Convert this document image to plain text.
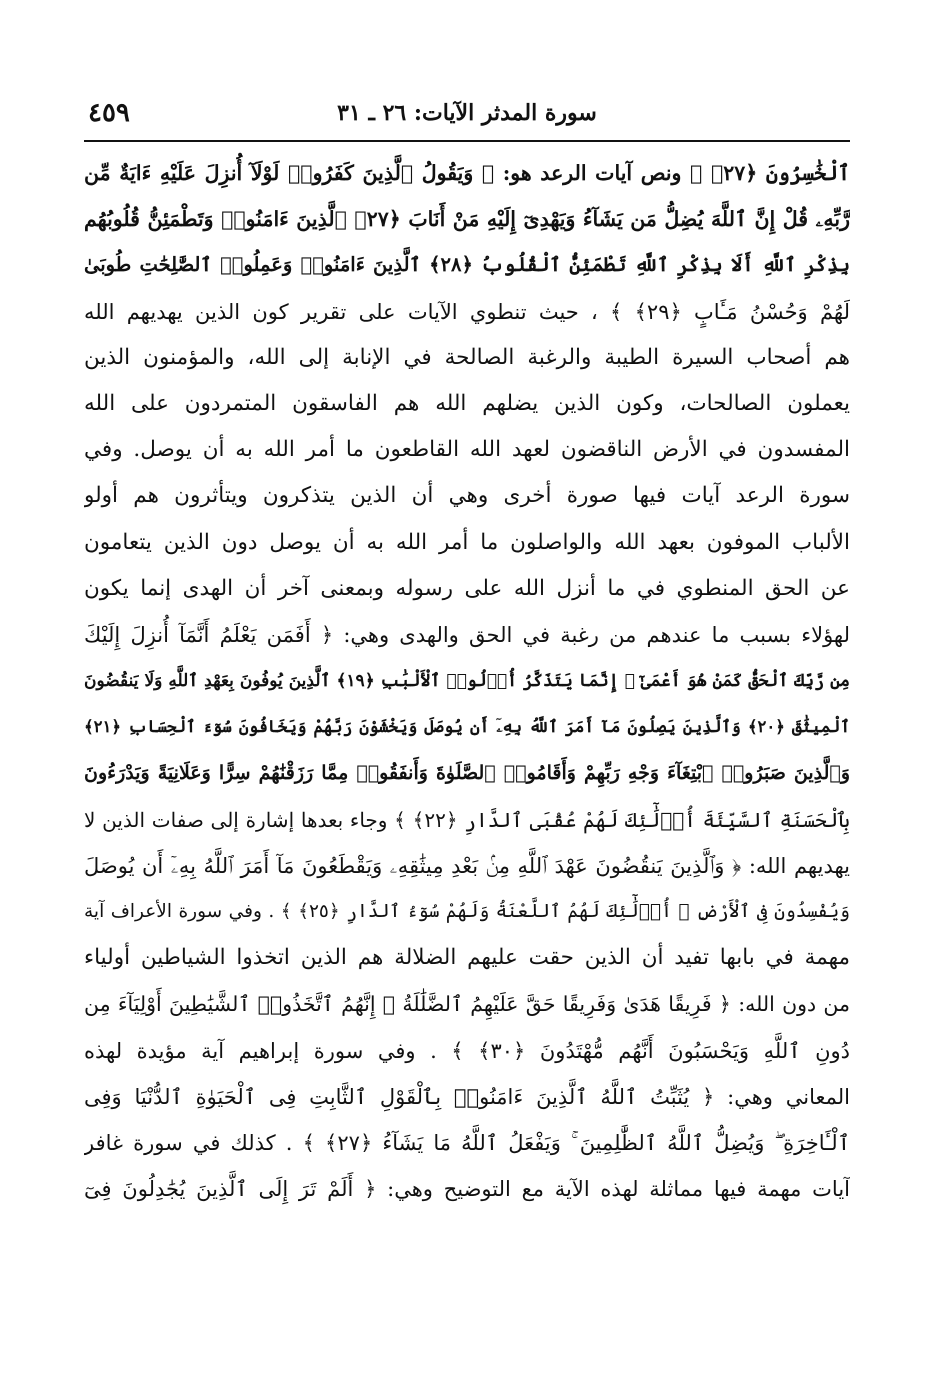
٤٥٩	سورة المدثر الآيات: ٢٦ ـ ٣١
ٱلْخَٰسِرُونَ ﴿٢٧﴾ ﴾ ونص آيات الرعد هو: ﴿ وَيَقُولُ ٱلَّذِينَ كَفَرُوا۟ لَوْلَآ أُنزِلَ عَلَيْهِ ءَايَةٌ مِّن
رَّبِّهِۦ قُلْ إِنَّ ٱللَّهَ يُضِلُّ مَن يَشَآءُ وَيَهْدِىٓ إِلَيْهِ مَنْ أَنَابَ ﴿٢٧﴾ ٱلَّذِينَ ءَامَنُوا۟ وَتَطْمَئِنُّ قُلُوبُهُم
بِذِكْرِ ٱللَّهِ أَلَا بِذِكْرِ ٱللَّهِ تَطْمَئِنُّ ٱلْقُلُوبُ ﴿٢٨﴾ ٱلَّذِينَ ءَامَنُوا۟ وَعَمِلُوا۟ ٱلصَّٰلِحَٰتِ طُوبَىٰ
لَهُمْ وَحُسْنُ مَـَٔابٍ ﴿٢٩﴾ ﴾ ، حيث تنطوي الآيات على تقرير كون الذين يهديهم الله
هم أصحاب السيرة الطيبة والرغبة الصالحة في الإنابة إلى الله، والمؤمنون الذين
يعملون الصالحات، وكون الذين يضلهم الله هم الفاسقون المتمردون على الله
المفسدون في الأرض الناقضون لعهد الله القاطعون ما أمر الله به أن يوصل. وفي
سورة الرعد آيات فيها صورة أخرى وهي أن الذين يتذكرون ويتأثرون هم أولو
الألباب الموفون بعهد الله والواصلون ما أمر الله به أن يوصل دون الذين يتعامون
عن الحق المنطوي في ما أنزل الله على رسوله وبمعنى آخر أن الهدى إنما يكون
لهؤلاء بسبب ما عندهم من رغبة في الحق والهدى وهي: ﴿ أَفَمَن يَعْلَمُ أَنَّمَآ أُنزِلَ إِلَيْكَ
مِن رَّبِّكَ ٱلْحَقُّ كَمَنْ هُوَ أَعْمَىٰٓ ۚ إِنَّمَا يَتَذَكَّرُ أُو۟لُوا۟ ٱلْأَلْبَٰبِ ﴿١٩﴾ ٱلَّذِينَ يُوفُونَ بِعَهْدِ ٱللَّهِ وَلَا يَنقُضُونَ
ٱلْمِيثَٰقَ ﴿٢٠﴾ وَٱلَّذِينَ يَصِلُونَ مَآ أَمَرَ ٱللَّهُ بِهِۦٓ أَن يُوصَلَ وَيَخْشَوْنَ رَبَّهُمْ وَيَخَافُونَ سُوٓءَ ٱلْحِسَابِ ﴿٢١﴾
وَٱلَّذِينَ صَبَرُوا۟ ٱبْتِغَآءَ وَجْهِ رَبِّهِمْ وَأَقَامُوا۟ ٱلصَّلَوٰةَ وَأَنفَقُوا۟ مِمَّا رَزَقْنَٰهُمْ سِرًّا وَعَلَانِيَةً وَيَدْرَءُونَ
بِٱلْحَسَنَةِ ٱلسَّيِّئَةَ أُو۟لَٰٓئِكَ لَهُمْ عُقْبَى ٱلدَّارِ ﴿٢٢﴾ ﴾ وجاء بعدها إشارة إلى صفات الذين لا
يهديهم الله: ﴿ وَٱلَّذِينَ يَنقُضُونَ عَهْدَ ٱللَّهِ مِنۢ بَعْدِ مِيثَٰقِهِۦ وَيَقْطَعُونَ مَآ أَمَرَ ٱللَّهُ بِهِۦٓ أَن يُوصَلَ
وَيُفْسِدُونَ فِى ٱلْأَرْضِ ۙ أُو۟لَٰٓئِكَ لَهُمُ ٱللَّعْنَةُ وَلَهُمْ سُوٓءُ ٱلدَّارِ ﴿٢٥﴾ ﴾ . وفي سورة الأعراف آية
مهمة في بابها تفيد أن الذين حقت عليهم الضلالة هم الذين اتخذوا الشياطين أولياء
من دون الله: ﴿ فَرِيقًا هَدَىٰ وَفَرِيقًا حَقَّ عَلَيْهِمُ ٱلضَّلَٰلَةُ ۗ إِنَّهُمُ ٱتَّخَذُوا۟ ٱلشَّيَٰطِينَ أَوْلِيَآءَ مِن
دُونِ ٱللَّهِ وَيَحْسَبُونَ أَنَّهُم مُّهْتَدُونَ ﴿٣٠﴾ ﴾ . وفي سورة إبراهيم آية مؤيدة لهذه
المعاني وهي: ﴿ يُثَبِّتُ ٱللَّهُ ٱلَّذِينَ ءَامَنُوا۟ بِٱلْقَوْلِ ٱلثَّابِتِ فِى ٱلْحَيَوٰةِ ٱلدُّنْيَا وَفِى
ٱلْـَٔاخِرَةِ ۖ وَيُضِلُّ ٱللَّهُ ٱلظَّٰلِمِينَ ۚ وَيَفْعَلُ ٱللَّهُ مَا يَشَآءُ ﴿٢٧﴾ ﴾ . كذلك في سورة غافر
آيات مهمة فيها مماثلة لهذه الآية مع التوضيح وهي: ﴿ أَلَمْ تَرَ إِلَى ٱلَّذِينَ يُجَٰدِلُونَ فِىٓ
